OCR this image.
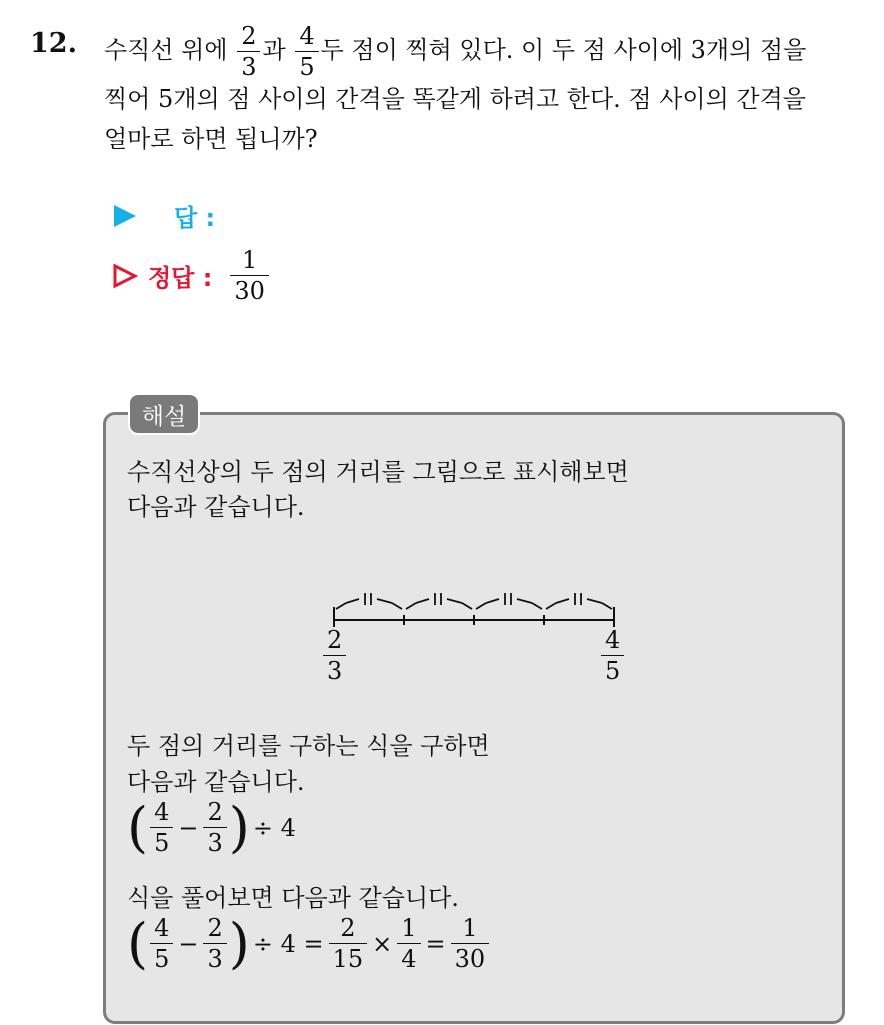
12. 수직선 위에 $\frac{2}{3}$ 과 $\frac{4}{5}$ 두 점이 찍혀 있다. 이 두 점 사이에 3개의 점을
찍어 5개의 점 사이의 간격을 똑같게 하려고 한다. 점 사이의 간격을
얼마로 하면 됩니까?
답 :
정답 : $\frac{1}{30}$
해설
수직선상의 두 점의 거리를 그림으로 표시해보면
다음과 같습니다.
$\frac{2}{3}$	$\frac{4}{5}$
두 점의 거리를 구하는 식을 구하면
다음과 같습니다.
( $\frac{4}{5} - \frac{2}{3}$ ) ÷ 4
식을 풀어보면 다음과 같습니다.
( $\frac{4}{5} - \frac{2}{3}$ ) ÷ $4 = \frac{2}{15} \times \frac{1}{4} = \frac{1}{30}$
